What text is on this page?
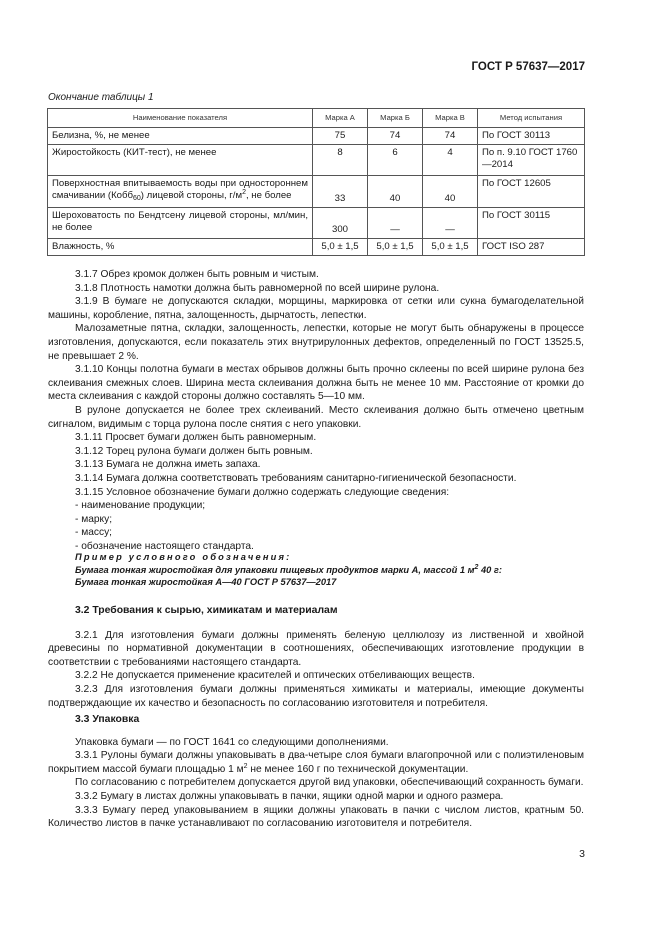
ГОСТ Р 57637—2017
Окончание таблицы 1
Наименование показателя	Марка А	Марка Б	Марка В	Метод испытания
Белизна, %, не менее	75	74	74	По ГОСТ 30113
Жиростойкость (КИТ-тест), не менее	8	6	4	По п. 9.10 ГОСТ 1760—2014
Поверхностная впитываемость воды при одностороннем смачивании (Кобб$_{60}$) лицевой стороны, $г/м^2$, не более	33	40	40	По ГОСТ 12605
Шероховатость по Бендтсену лицевой стороны, мл/мин, не более	300	—	—	По ГОСТ 30115
Влажность, %	5,0 ± 1,5	5,0 ± 1,5	5,0 ± 1,5	ГОСТ ISO 287

3.1.7 Обрез кромок должен быть ровным и чистым.

3.1.8 Плотность намотки должна быть равномерной по всей ширине рулона.

3.1.9 В бумаге не допускаются складки, морщины, маркировка от сетки или сукна бумагоделательной машины, коробление, пятна, залощенность, дырчатость, лепестки.

Малозаметные пятна, складки, залощенность, лепестки, которые не могут быть обнаружены в процессе изготовления, допускаются, если показатель этих внутрирулонных дефектов, определенный по ГОСТ 13525.5, не превышает 2 %.

3.1.10 Концы полотна бумаги в местах обрывов должны быть прочно склеены по всей ширине рулона без склеивания смежных слоев. Ширина места склеивания должна быть не менее 10 мм. Расстояние от кромки до места склеивания с каждой стороны должно составлять 5—10 мм.

В рулоне допускается не более трех склеиваний. Место склеивания должно быть отмечено цветным сигналом, видимым с торца рулона после снятия с него упаковки.

3.1.11 Просвет бумаги должен быть равномерным.

3.1.12 Торец рулона бумаги должен быть ровным.

3.1.13 Бумага не должна иметь запаха.

3.1.14 Бумага должна соответствовать требованиям санитарно-гигиенической безопасности.

3.1.15 Условное обозначение бумаги должно содержать следующие сведения:

- наименование продукции;

- марку;

- массу;

- обозначение настоящего стандарта.

Пример условного обозначения:

Бумага тонкая жиростойкая для упаковки пищевых продуктов марки А, массой 1 $м^2$ 40 г:

Бумага тонкая жиростойкая А—40 ГОСТ Р 57637—2017

3.2 Требования к сырью, химикатам и материалам

3.2.1 Для изготовления бумаги должны применять беленую целлюлозу из лиственной и хвойной древесины по нормативной документации в соотношениях, обеспечивающих изготовление продукции в соответствии с требованиями настоящего стандарта.

3.2.2 Не допускается применение красителей и оптических отбеливающих веществ.

3.2.3 Для изготовления бумаги должны применяться химикаты и материалы, имеющие документы подтверждающие их качество и безопасность по согласованию изготовителя и потребителя.

3.3 Упаковка

Упаковка бумаги — по ГОСТ 1641 со следующими дополнениями.

3.3.1 Рулоны бумаги должны упаковывать в два-четыре слоя бумаги влагопрочной или с полиэтиленовым покрытием массой бумаги площадью 1 $м^2$ не менее 160 г по технической документации.

По согласованию с потребителем допускается другой вид упаковки, обеспечивающий сохранность бумаги.

3.3.2 Бумагу в листах должны упаковывать в пачки, ящики одной марки и одного размера.

3.3.3 Бумагу перед упаковыванием в ящики должны упаковать в пачки с числом листов, кратным 50. Количество листов в пачке устанавливают по согласованию изготовителя и потребителя.

3
